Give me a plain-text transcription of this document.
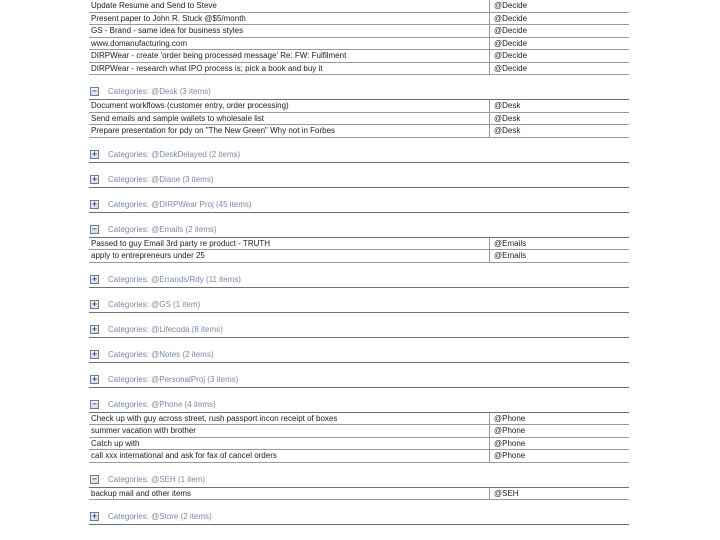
Update Resume and Send to Steve	@Decide
Present paper to John R. Stuck @$5/month	@Decide
GS - Brand - same idea for business styles	@Decide
www.domanufacturing.com	@Decide
DIRPWear - create 'order being processed message' Re: FW: Fulfilment	@Decide
DIRPWear - research what IPO process is; pick a book and buy it	@Decide
− Categories: @Desk (3 items)
Document workflows (customer entry, order processing)	@Desk
Send emails and sample wallets to wholesale list	@Desk
Prepare presentation for pdy on "The New Green" Why not in Forbes	@Desk
+ Categories: @DeskDelayed (2 items)
+ Categories: @Diane (3 items)
+ Categories: @DIRPWear Proj (45 items)
− Categories: @Emails (2 items)
Passed to guy Email 3rd party re product - TRUTH	@Emails
apply to entrepreneurs under 25	@Emails
+ Categories: @Errands/Rdy (11 items)
+ Categories: @GS (1 item)
+ Categories: @Lifecoda (8 items)
+ Categories: @Notes (2 items)
+ Categories: @PersonalProj (3 items)
− Categories: @Phone (4 items)
Check up with guy across street, rush passport incon receipt of boxes	@Phone
summer vacation with brother	@Phone
Catch up with	@Phone
call xxx international and ask for fax of cancel orders	@Phone
− Categories: @SEH (1 item)
backup mail and other items	@SEH
+ Categories: @Store (2 items)
